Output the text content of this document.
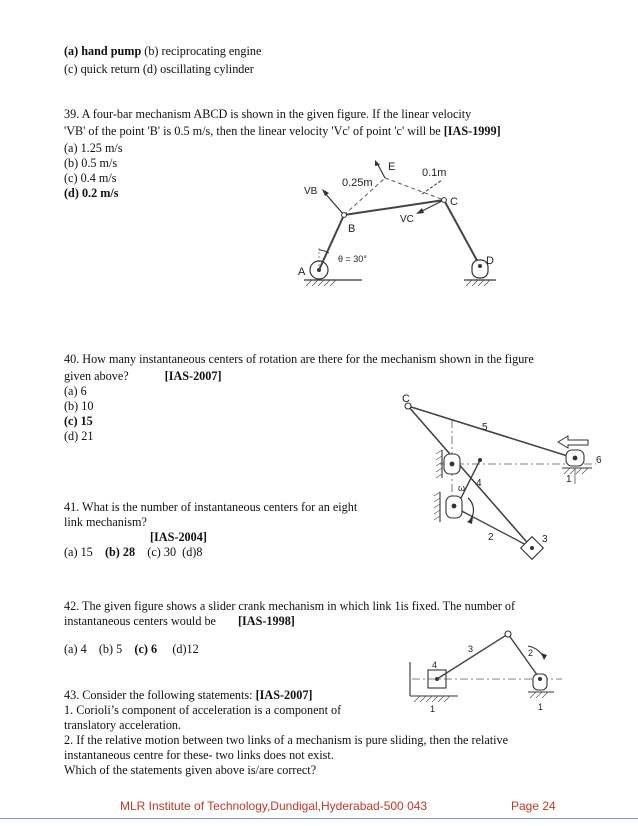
(a) hand pump (b) reciprocating engine
(c) quick return (d) oscillating cylinder
39. A four-bar mechanism ABCD is shown in the given figure. If the linear velocity
'VB' of the point 'B' is 0.5 m/s, then the linear velocity 'Vc' of point 'c' will be [IAS-1999]
(a) 1.25 m/s
(b) 0.5 m/s
(c) 0.4 m/s
(d) 0.2 m/s
E
0.25m
0.1m
C
B
A
D
VB
VC
θ = 30°
40. How many instantaneous centers of rotation are there for the mechanism shown in the figure
given above?	[IAS-2007]
(a) 6
(b) 10
(c) 15
(d) 21
C
5
6
1
4
2	3
ω
41. What is the number of instantaneous centers for an eight
link mechanism?
[IAS-2004]
(a) 15 (b) 28 (c) 30 (d)8
42. The given figure shows a slider crank mechanism in which link 1is fixed. The number of
instantaneous centers would be [IAS-1998]
(a) 4 (b) 5 (c) 6 (d)12
4
3	2
1	1
43. Consider the following statements: [IAS-2007]
1. Corioli’s component of acceleration is a component of
translatory acceleration.
2. If the relative motion between two links of a mechanism is pure sliding, then the relative
instantaneous centre for these- two links does not exist.
Which of the statements given above is/are correct?
MLR Institute of Technology,Dundigal,Hyderabad-500 043	Page 24
